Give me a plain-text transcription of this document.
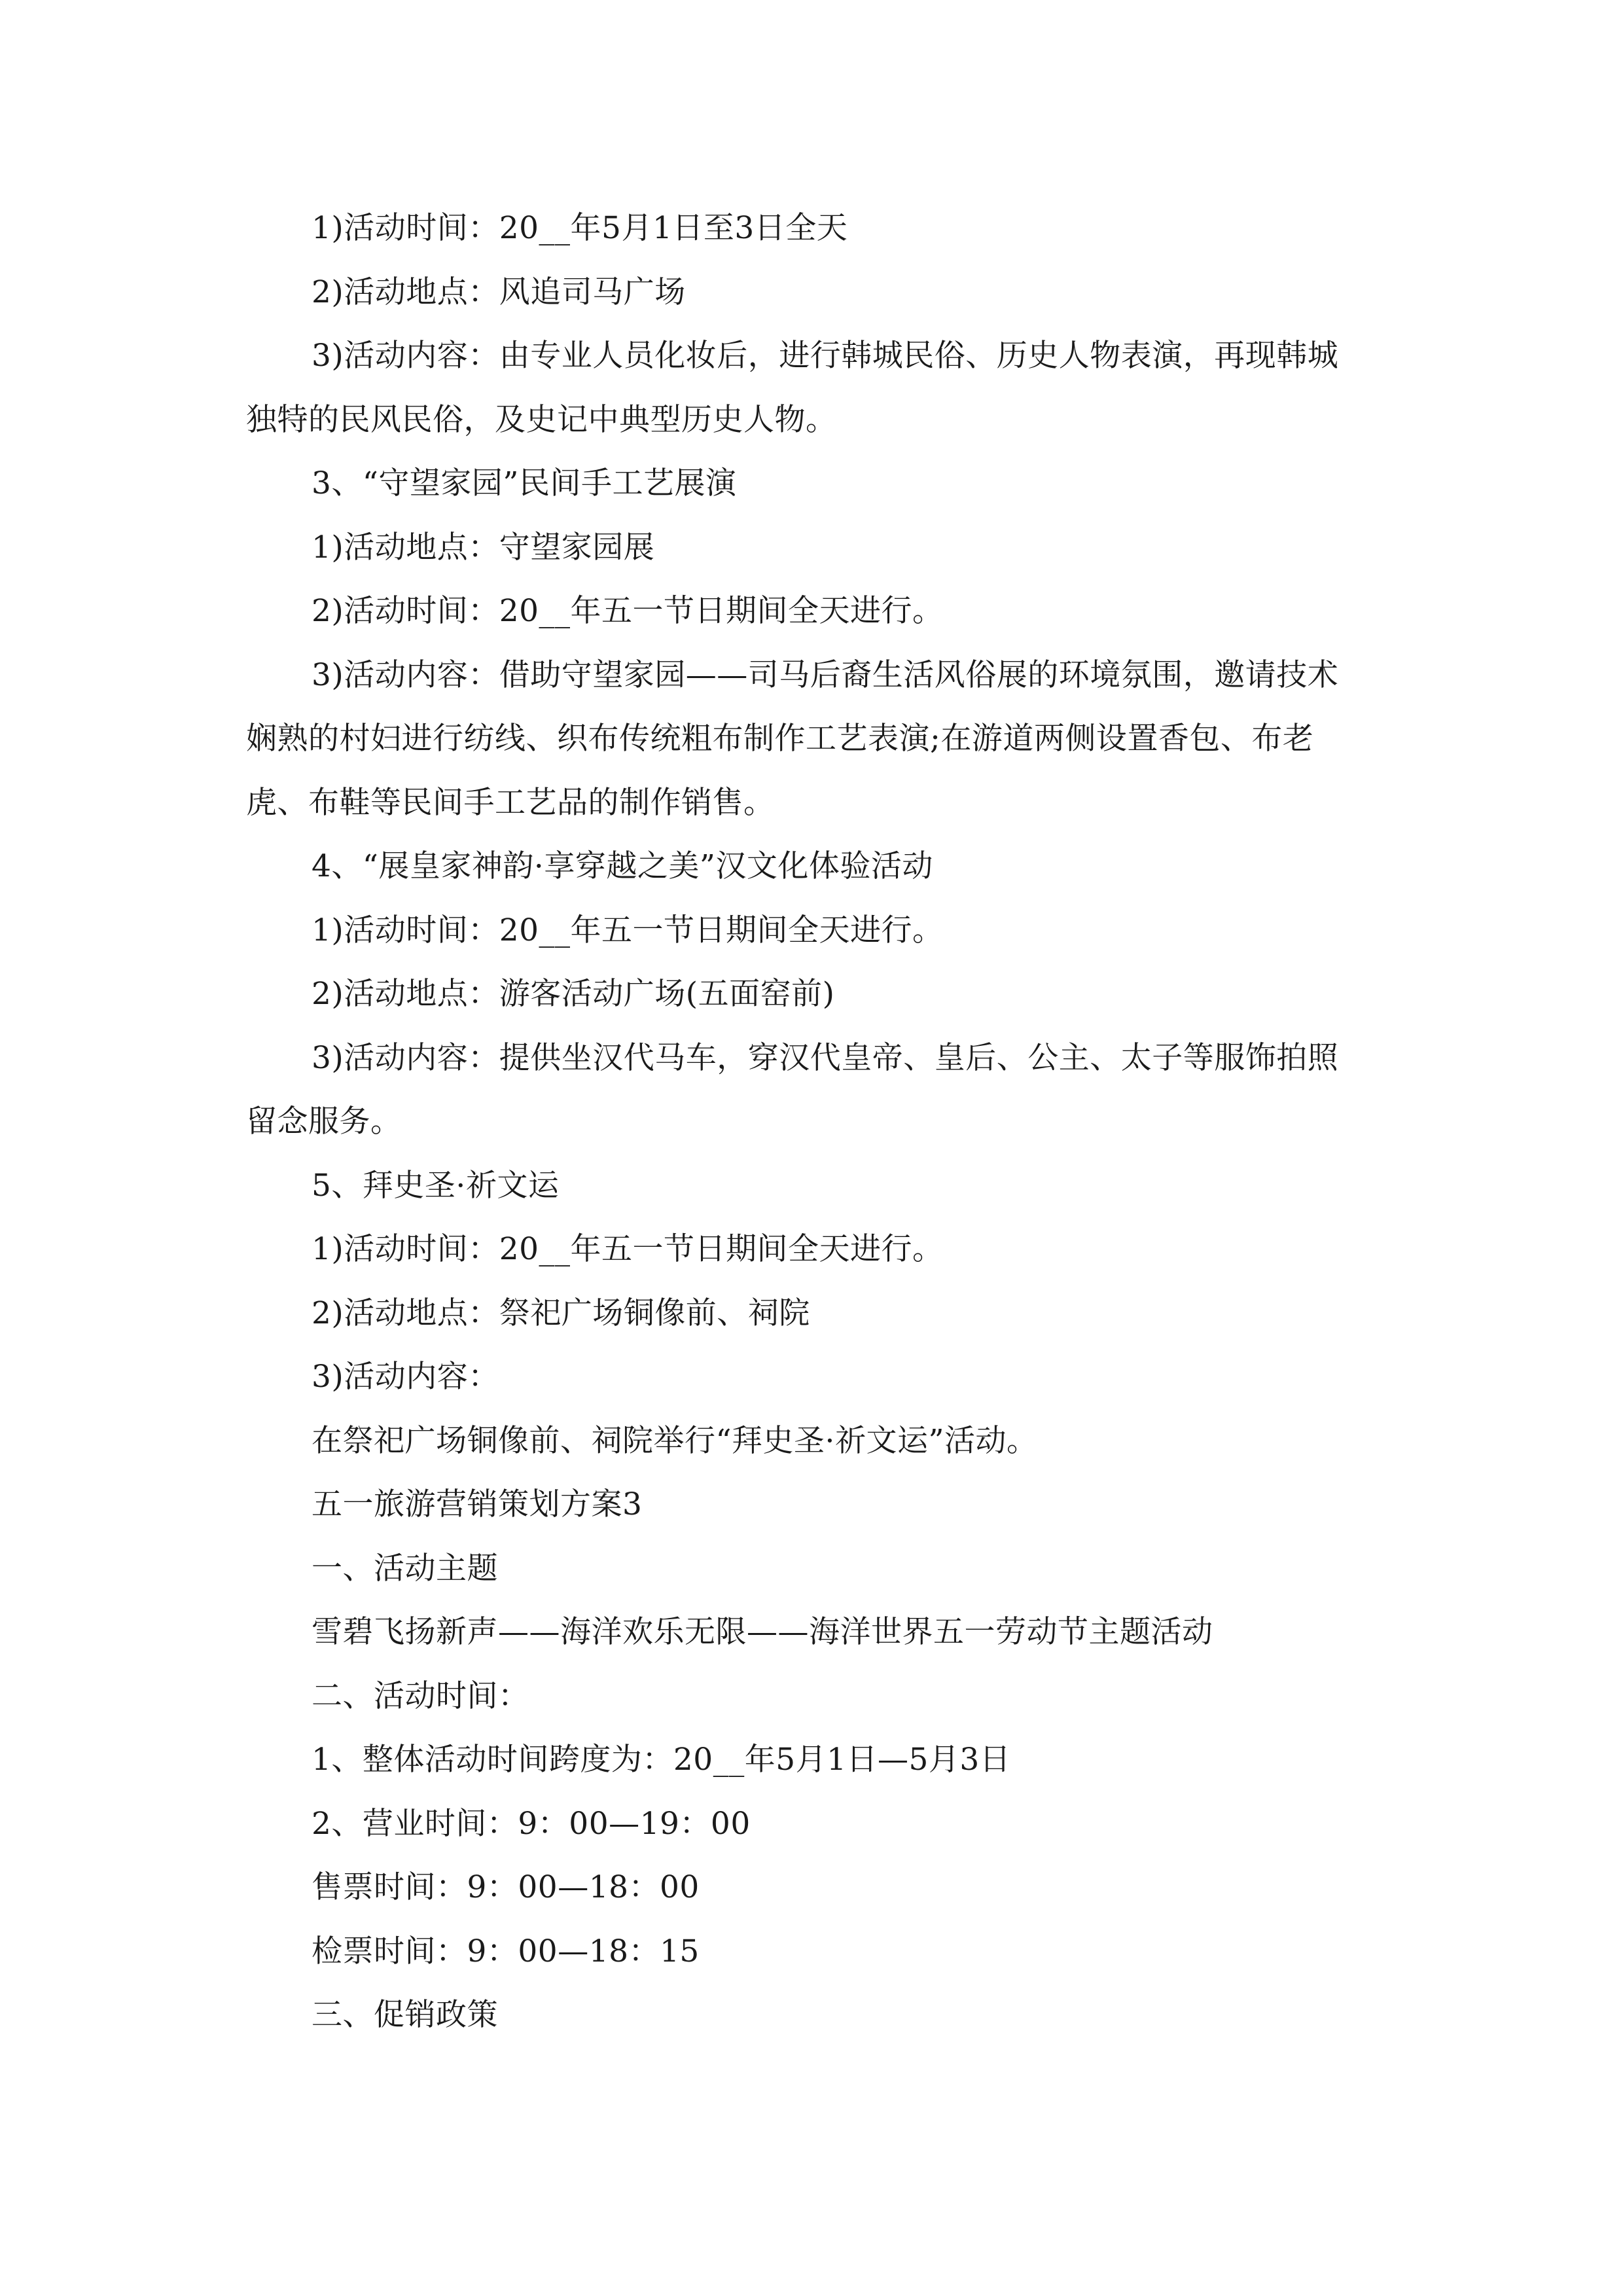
1)活动时间：20__年5月1日至3日全天

2)活动地点：风追司马广场

3)活动内容：由专业人员化妆后，进行韩城民俗、历史人物表演，再现韩城

独特的民风民俗，及史记中典型历史人物。

3、“守望家园”民间手工艺展演

1)活动地点：守望家园展

2)活动时间：20__年五一节日期间全天进行。

3)活动内容：借助守望家园——司马后裔生活风俗展的环境氛围，邀请技术

娴熟的村妇进行纺线、织布传统粗布制作工艺表演;在游道两侧设置香包、布老

虎、布鞋等民间手工艺品的制作销售。

4、“展皇家神韵·享穿越之美”汉文化体验活动

1)活动时间：20__年五一节日期间全天进行。

2)活动地点：游客活动广场(五面窑前)

3)活动内容：提供坐汉代马车，穿汉代皇帝、皇后、公主、太子等服饰拍照

留念服务。

5、拜史圣·祈文运

1)活动时间：20__年五一节日期间全天进行。

2)活动地点：祭祀广场铜像前、祠院

3)活动内容：

在祭祀广场铜像前、祠院举行“拜史圣·祈文运”活动。

五一旅游营销策划方案3

一、活动主题

雪碧飞扬新声——海洋欢乐无限——海洋世界五一劳动节主题活动

二、活动时间：

1、整体活动时间跨度为：20__年5月1日—5月3日

2、营业时间：9：00—19：00

售票时间：9：00—18：00

检票时间：9：00—18：15

三、促销政策
